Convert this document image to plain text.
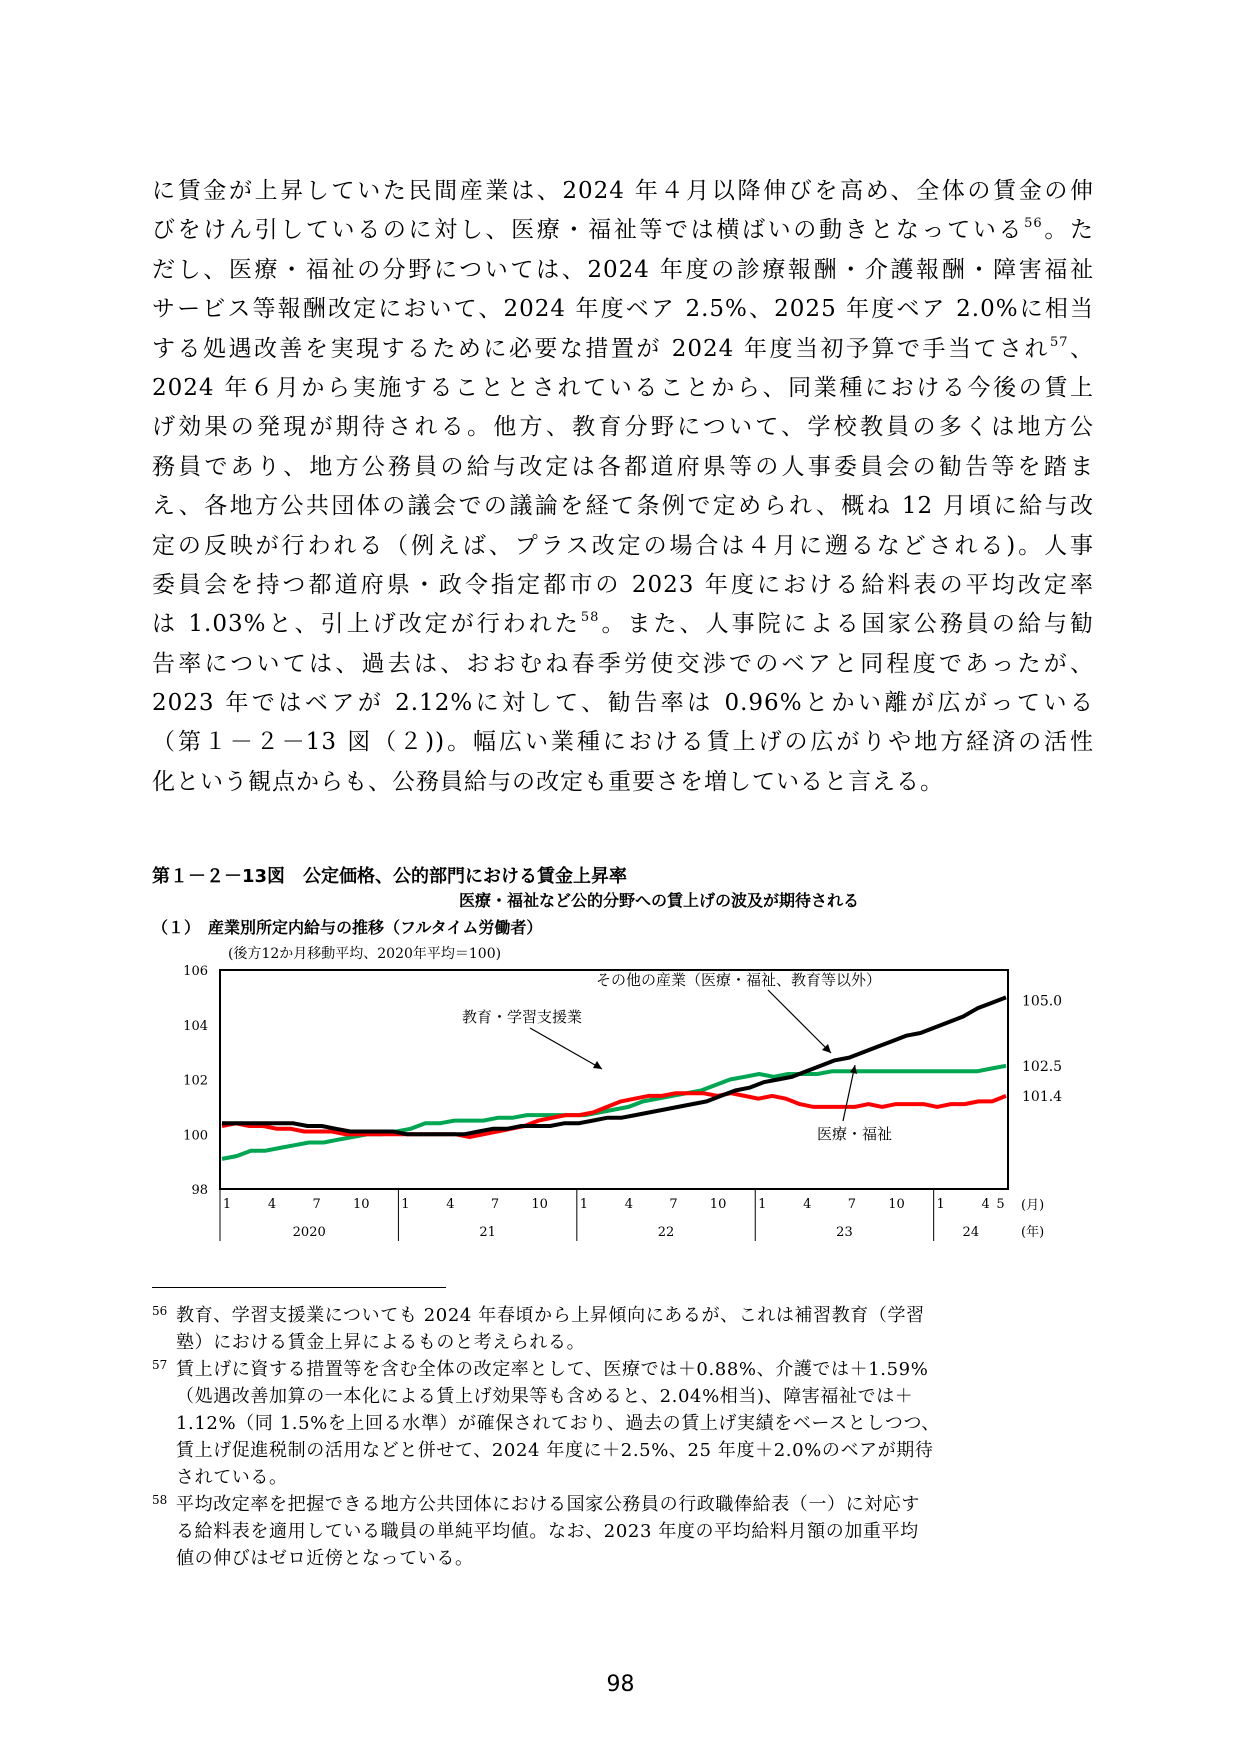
に賃金が上昇していた民間産業は、2024 年４月以降伸びを高め、全体の賃金の伸
びをけん引しているのに対し、医療・福祉等では横ばいの動きとなっている$^{56}$。た
だし、医療・福祉の分野については、2024 年度の診療報酬・介護報酬・障害福祉
サービス等報酬改定において、2024 年度ベア 2.5%、2025 年度ベア 2.0%に相当
する処遇改善を実現するために必要な措置が 2024 年度当初予算で手当てされ$^{57}$、
2024 年６月から実施することとされていることから、同業種における今後の賃上
げ効果の発現が期待される。他方、教育分野について、学校教員の多くは地方公
務員であり、地方公務員の給与改定は各都道府県等の人事委員会の勧告等を踏ま
え、各地方公共団体の議会での議論を経て条例で定められ、概ね 12 月頃に給与改
定の反映が行われる（例えば、プラス改定の場合は４月に遡るなどされる)。人事
委員会を持つ都道府県・政令指定都市の 2023 年度における給料表の平均改定率
は 1.03%と、引上げ改定が行われた$^{58}$。また、人事院による国家公務員の給与勧
告率については、過去は、おおむね春季労使交渉でのベアと同程度であったが、
2023 年ではベアが 2.12%に対して、勧告率は 0.96%とかい離が広がっている
（第１－２－13 図（２))。幅広い業種における賃上げの広がりや地方経済の活性
化という観点からも、公務員給与の改定も重要さを増していると言える。
第１－２－13図　公定価格、公的部門における賃金上昇率
医療・福祉など公的分野への賃上げの波及が期待される
（１）　産業別所定内給与の推移（フルタイム労働者）
(後方12か月移動平均、2020年平均＝100)
98
100
102
104
106
1	4	7 10 1	4	7 10 1	4	7 10 1	4	7 10 1	4 5
2020	21	22	23	24
(月)
(年)
105.0
101.4
102.5
その他の産業（医療・福祉、教育等以外）
教育・学習支援業
医療・福祉
56 教育、学習支援業についても 2024 年春頃から上昇傾向にあるが、これは補習教育（学習
塾）における賃金上昇によるものと考えられる。
57 賃上げに資する措置等を含む全体の改定率として、医療では＋0.88%、介護では＋1.59%
（処遇改善加算の一本化による賃上げ効果等も含めると、2.04%相当)、障害福祉では＋
1.12%（同 1.5%を上回る水準）が確保されており、過去の賃上げ実績をベースとしつつ、
賃上げ促進税制の活用などと併せて、2024 年度に＋2.5%、25 年度＋2.0%のベアが期待
されている。
58 平均改定率を把握できる地方公共団体における国家公務員の行政職俸給表（一）に対応す
る給料表を適用している職員の単純平均値。なお、2023 年度の平均給料月額の加重平均
値の伸びはゼロ近傍となっている。
98
